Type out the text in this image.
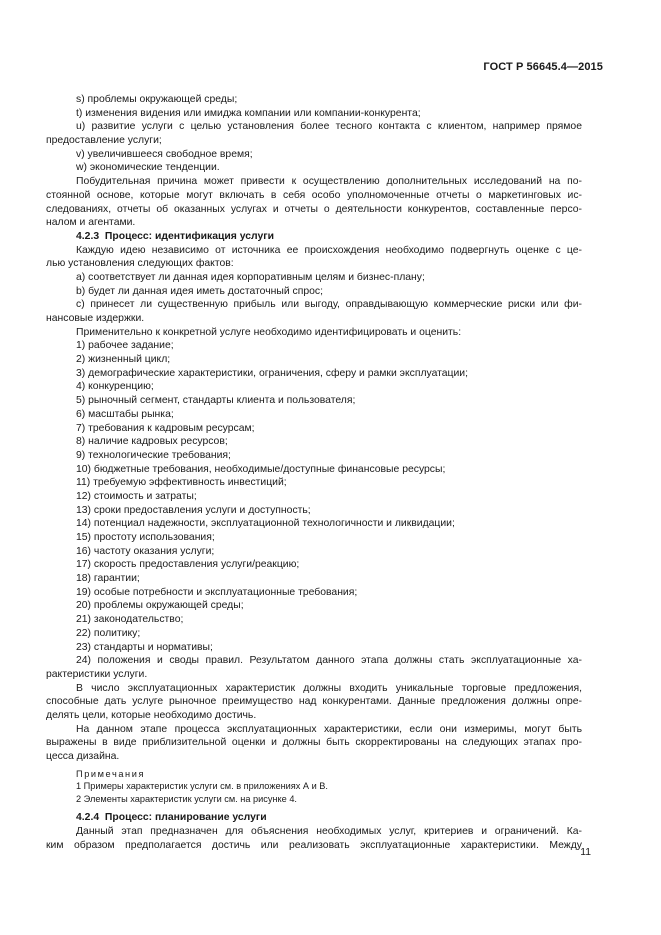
ГОСТ Р 56645.4—2015
s) проблемы окружающей среды;
t) изменения видения или имиджа компании или компании-конкурента;
u) развитие услуги с целью установления более тесного контакта с клиентом, например прямое
предоставление услуги;
v) увеличившееся свободное время;
w) экономические тенденции.
Побудительная причина может привести к осуществлению дополнительных исследований на по-
стоянной основе, которые могут включать в себя особо уполномоченные отчеты о маркетинговых ис-
следованиях, отчеты об оказанных услугах и отчеты о деятельности конкурентов, составленные персо-
налом и агентами.
4.2.3 Процесс: идентификация услуги
Каждую идею независимо от источника ее происхождения необходимо подвергнуть оценке с це-
лью установления следующих фактов:
a) соответствует ли данная идея корпоративным целям и бизнес-плану;
b) будет ли данная идея иметь достаточный спрос;
c) принесет ли существенную прибыль или выгоду, оправдывающую коммерческие риски или фи-
нансовые издержки.
Применительно к конкретной услуге необходимо идентифицировать и оценить:
1) рабочее задание;
2) жизненный цикл;
3) демографические характеристики, ограничения, сферу и рамки эксплуатации;
4) конкуренцию;
5) рыночный сегмент, стандарты клиента и пользователя;
6) масштабы рынка;
7) требования к кадровым ресурсам;
8) наличие кадровых ресурсов;
9) технологические требования;
10) бюджетные требования, необходимые/доступные финансовые ресурсы;
11) требуемую эффективность инвестиций;
12) стоимость и затраты;
13) сроки предоставления услуги и доступность;
14) потенциал надежности, эксплуатационной технологичности и ликвидации;
15) простоту использования;
16) частоту оказания услуги;
17) скорость предоставления услуги/реакцию;
18) гарантии;
19) особые потребности и эксплуатационные требования;
20) проблемы окружающей среды;
21) законодательство;
22) политику;
23) стандарты и нормативы;
24) положения и своды правил. Результатом данного этапа должны стать эксплуатационные ха-
рактеристики услуги.
В число эксплуатационных характеристик должны входить уникальные торговые предложения,
способные дать услуге рыночное преимущество над конкурентами. Данные предложения должны опре-
делять цели, которые необходимо достичь.
На данном этапе процесса эксплуатационных характеристики, если они измеримы, могут быть
выражены в виде приблизительной оценки и должны быть скорректированы на следующих этапах про-
цесса дизайна.
Примечания
1 Примеры характеристик услуги см. в приложениях А и В.
2 Элементы характеристик услуги см. на рисунке 4.
4.2.4 Процесс: планирование услуги
Данный этап предназначен для объяснения необходимых услуг, критериев и ограничений. Ка-
ким образом предполагается достичь или реализовать эксплуатационные характеристики. Между
11
